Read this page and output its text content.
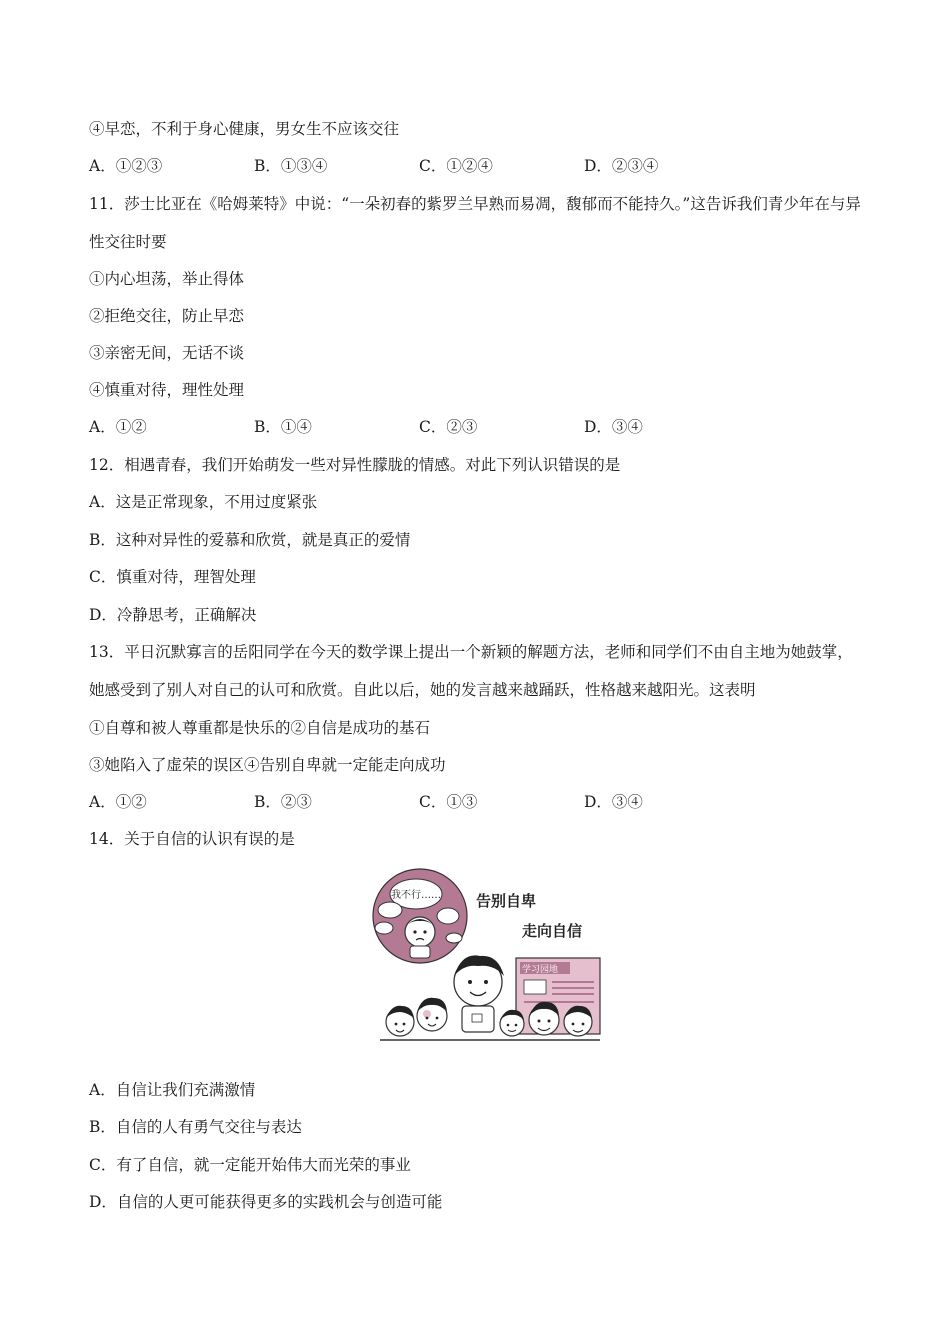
④早恋，不利于身心健康，男女生不应该交往
A．①②③	B．①③④	C．①②④	D．②③④
11．莎士比亚在《哈姆莱特》中说：“一朵初春的紫罗兰早熟而易凋，馥郁而不能持久。”这告诉我们青少年在与异性交往时要
①内心坦荡，举止得体
②拒绝交往，防止早恋
③亲密无间，无话不谈
④慎重对待，理性处理
A．①②	B．①④	C．②③	D．③④
12．相遇青春，我们开始萌发一些对异性朦胧的情感。对此下列认识错误的是
A．这是正常现象，不用过度紧张
B．这种对异性的爱慕和欣赏，就是真正的爱情
C．慎重对待，理智处理
D．冷静思考，正确解决
13．平日沉默寡言的岳阳同学在今天的数学课上提出一个新颖的解题方法，老师和同学们不由自主地为她鼓掌，她感受到了别人对自己的认可和欣赏。自此以后，她的发言越来越踊跃，性格越来越阳光。这表明
①自尊和被人尊重都是快乐的②自信是成功的基石
③她陷入了虚荣的误区④告别自卑就一定能走向成功
A．①②	B．②③	C．①③	D．③④
14．关于自信的认识有误的是
我不行…… 告别自卑
走向自信
学习园地
A．自信让我们充满激情
B．自信的人有勇气交往与表达
C．有了自信，就一定能开始伟大而光荣的事业
D．自信的人更可能获得更多的实践机会与创造可能
